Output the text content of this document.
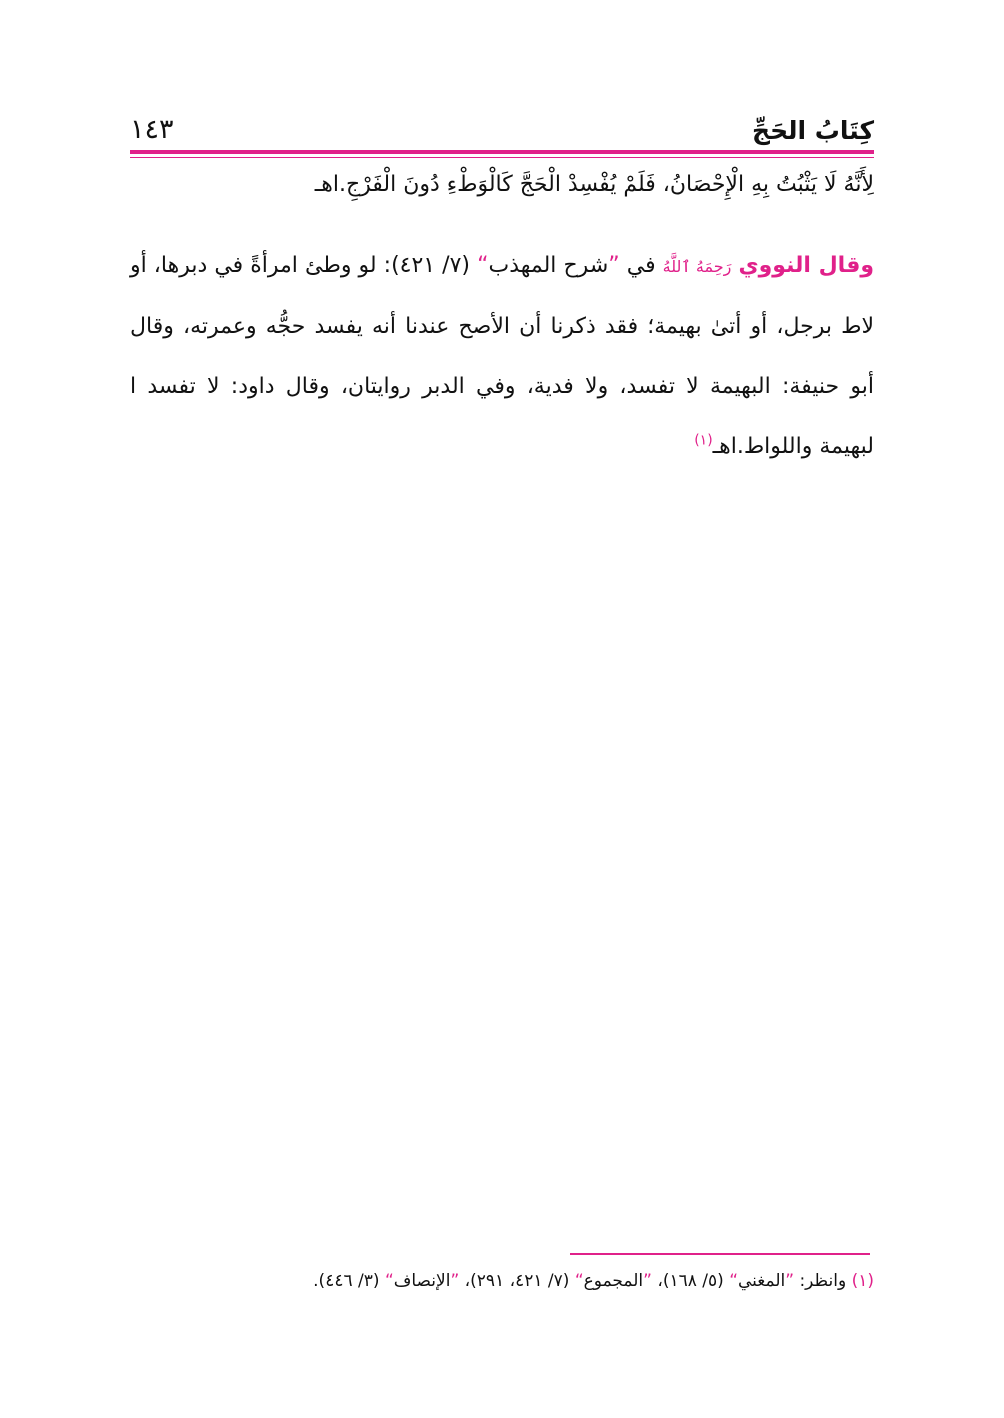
كِتَابُ الحَجِّ
١٤٣
لِأَنَّهُ لَا يَثْبُتُ بِهِ الْإِحْصَانُ، فَلَمْ يُفْسِدْ الْحَجَّ كَالْوَطْءِ دُونَ الْفَرْجِ.اهـ
وقال النووي رَحِمَهُ ٱللَّهُ في ”شرح المهذب“ (٧/ ٤٢١): لو وطئ امرأةً في دبرها، أو لاط برجل، أو أتىٰ بهيمة؛ فقد ذكرنا أن الأصح عندنا أنه يفسد حجُّه وعمرته، وقال أبو حنيفة: البهيمة لا تفسد، ولا فدية، وفي الدبر روايتان، وقال داود: لا تفسد ا لبهيمة واللواط.اهـ$^{(١)}$
(١) وانظر: ”المغني“ (٥/ ١٦٨)، ”المجموع“ (٧/ ٤٢١، ٢٩١)، ”الإنصاف“ (٣/ ٤٤٦).
